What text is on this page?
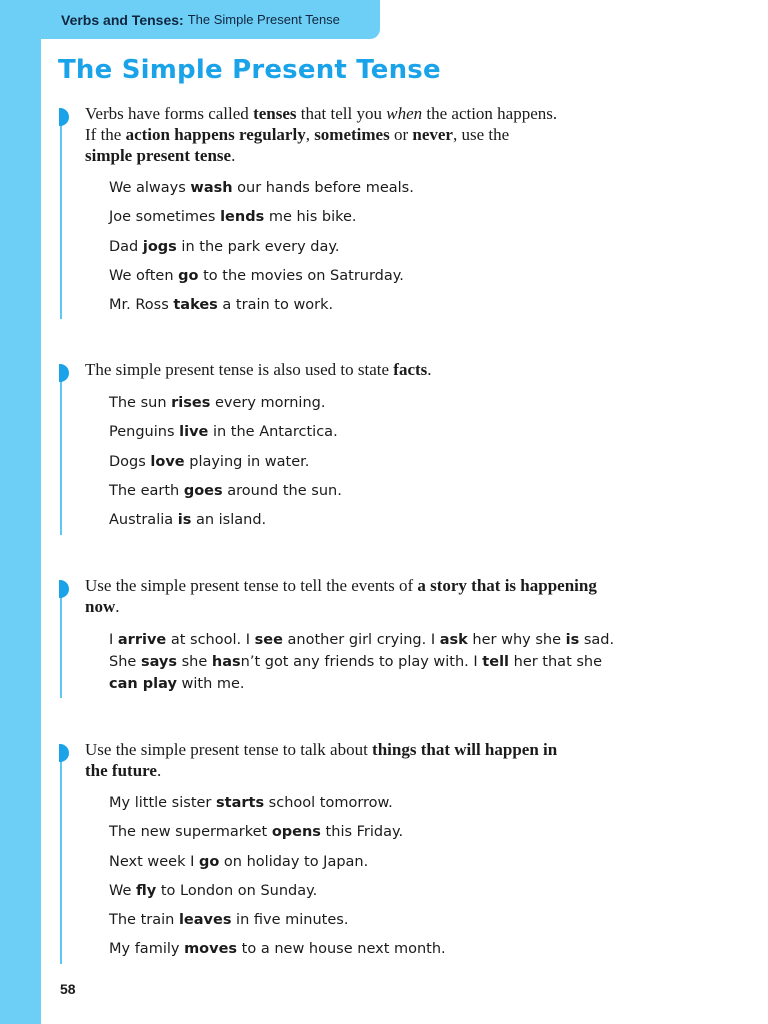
Verbs and Tenses: The Simple Present Tense
The Simple Present Tense

Verbs have forms called tenses that tell you when the action happens.
If the action happens regularly, sometimes or never, use the
simple present tense.

We always wash our hands before meals.
Joe sometimes lends me his bike.
Dad jogs in the park every day.
We often go to the movies on Satrurday.
Mr. Ross takes a train to work.

The simple present tense is also used to state facts.

The sun rises every morning.
Penguins live in the Antarctica.
Dogs love playing in water.
The earth goes around the sun.
Australia is an island.

Use the simple present tense to tell the events of a story that is happening
now.

I arrive at school. I see another girl crying. I ask her why she is sad.
She says she hasn’t got any friends to play with. I tell her that she
can play with me.

Use the simple present tense to talk about things that will happen in
the future.

My little sister starts school tomorrow.
The new supermarket opens this Friday.
Next week I go on holiday to Japan.
We fly to London on Sunday.
The train leaves in five minutes.
My family moves to a new house next month.
58
